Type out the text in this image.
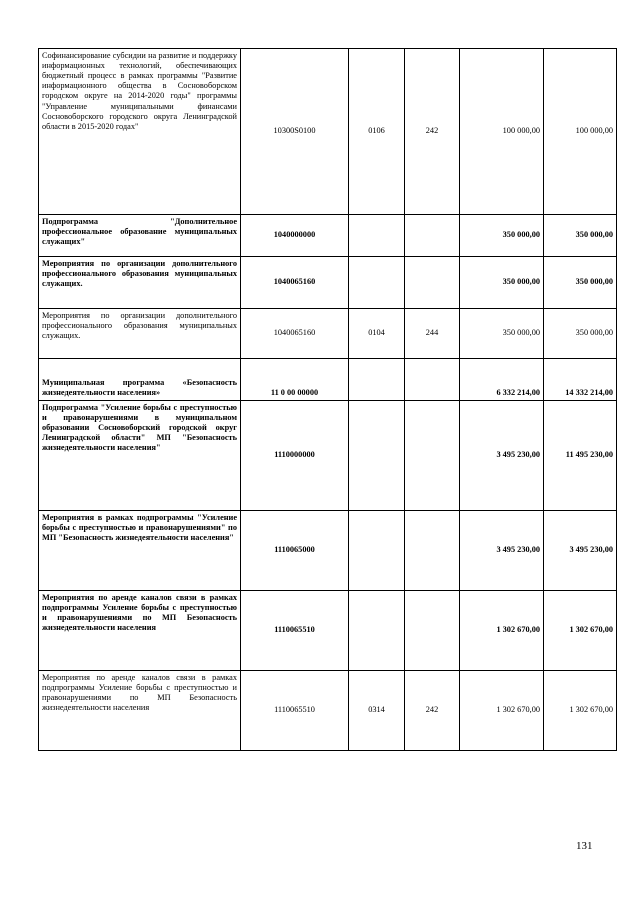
Софинансирование субсидии на развитие и поддержку информационных технологий, обеспечивающих бюджетный процесс в рамках программы "Развитие информационного общества в Сосновоборском городском округе на 2014-2020 годы" программы "Управление муниципальными финансами Сосновоборского городского округа Ленинградской области в 2015-2020 годах"	10300S0100	0106	242	100 000,00	100 000,00
Подпрограмма "Дополнительное профессиональное образование муниципальных служащих"	1040000000			350 000,00	350 000,00
Мероприятия по организации дополнительного профессионального образования муниципальных служащих.	1040065160			350 000,00	350 000,00
Мероприятия по организации дополнительного профессионального образования муниципальных служащих.	1040065160	0104	244	350 000,00	350 000,00
Муниципальная программа «Безопасность жизнедеятельности населения»	11 0 00 00000			6 332 214,00	14 332 214,00
Подпрограмма "Усиление борьбы с преступностью и правонарушениями в муниципальном образовании Сосновоборский городской округ Ленинградской области" МП "Безопасность жизнедеятельности населения"	1110000000			3 495 230,00	11 495 230,00
Мероприятия в рамках подпрограммы "Усиление борьбы с преступностью и правонарушениями" по МП "Безопасность жизнедеятельности населения"	1110065000			3 495 230,00	3 495 230,00
Мероприятия по аренде каналов связи в рамках подпрограммы Усиление борьбы с преступностью и правонарушениями по МП Безопасность жизнедеятельности населения	1110065510			1 302 670,00	1 302 670,00
Мероприятия по аренде каналов связи в рамках подпрограммы Усиление борьбы с преступностью и правонарушениями по МП Безопасность жизнедеятельности населения	1110065510	0314	242	1 302 670,00	1 302 670,00
131
